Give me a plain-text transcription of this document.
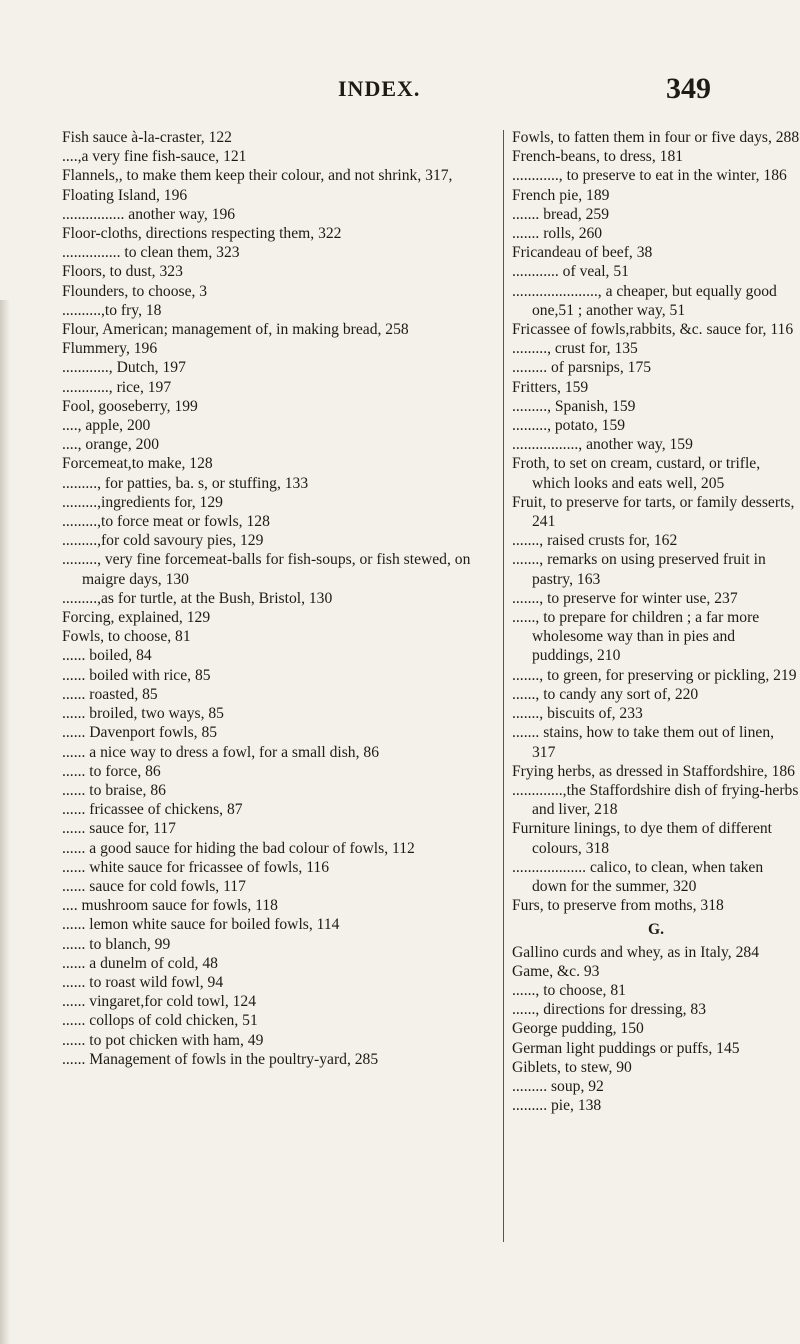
INDEX.	349

Fish sauce à-la-craster, 122

....,a very fine fish-sauce, 121

Flannels,, to make them keep their colour, and not shrink, 317,

Floating Island, 196

................ another way, 196

Floor-cloths, directions respecting them, 322

............... to clean them, 323

Floors, to dust, 323

Flounders, to choose, 3

..........,to fry, 18

Flour, American; management of, in making bread, 258

Flummery, 196

............, Dutch, 197

............, rice, 197

Fool, gooseberry, 199

...., apple, 200

...., orange, 200

Forcemeat,to make, 128

........., for patties, ba. s, or stuffing, 133

.........,ingredients for, 129

.........,to force meat or fowls, 128

.........,for cold savoury pies, 129

........., very fine forcemeat-balls for fish-soups, or fish stewed, on maigre days, 130

.........,as for turtle, at the Bush, Bristol, 130

Forcing, explained, 129

Fowls, to choose, 81

...... boiled, 84

...... boiled with rice, 85

...... roasted, 85

...... broiled, two ways, 85

...... Davenport fowls, 85

...... a nice way to dress a fowl, for a small dish, 86

...... to force, 86

...... to braise, 86

...... fricassee of chickens, 87

...... sauce for, 117

...... a good sauce for hiding the bad colour of fowls, 112

...... white sauce for fricassee of fowls, 116

...... sauce for cold fowls, 117

.... mushroom sauce for fowls, 118

...... lemon white sauce for boiled fowls, 114

...... to blanch, 99

...... a dunelm of cold, 48

...... to roast wild fowl, 94

...... vingaret,for cold towl, 124

...... collops of cold chicken, 51

...... to pot chicken with ham, 49

...... Management of fowls in the poultry-yard, 285

Fowls, to fatten them in four or five days, 288

French-beans, to dress, 181

............, to preserve to eat in the winter, 186

French pie, 189

....... bread, 259

....... rolls, 260

Fricandeau of beef, 38

............ of veal, 51

......................, a cheaper, but equally good one,51 ; another way, 51

Fricassee of fowls,rabbits, &c. sauce for, 116

........., crust for, 135

......... of parsnips, 175

Fritters, 159

........., Spanish, 159

........., potato, 159

................., another way, 159

Froth, to set on cream, custard, or trifle, which looks and eats well, 205

Fruit, to preserve for tarts, or family desserts, 241

......., raised crusts for, 162

......., remarks on using preserved fruit in pastry, 163

......., to preserve for winter use, 237

......, to prepare for children ; a far more wholesome way than in pies and puddings, 210

......., to green, for preserving or pickling, 219

......, to candy any sort of, 220

......., biscuits of, 233

....... stains, how to take them out of linen, 317

Frying herbs, as dressed in Staffordshire, 186

.............,the Staffordshire dish of frying-herbs and liver, 218

Furniture linings, to dye them of different colours, 318

................... calico, to clean, when taken down for the summer, 320

Furs, to preserve from moths, 318

G.

Gallino curds and whey, as in Italy, 284

Game, &c. 93

......, to choose, 81

......, directions for dressing, 83

George pudding, 150

German light puddings or puffs, 145

Giblets, to stew, 90

......... soup, 92

......... pie, 138
